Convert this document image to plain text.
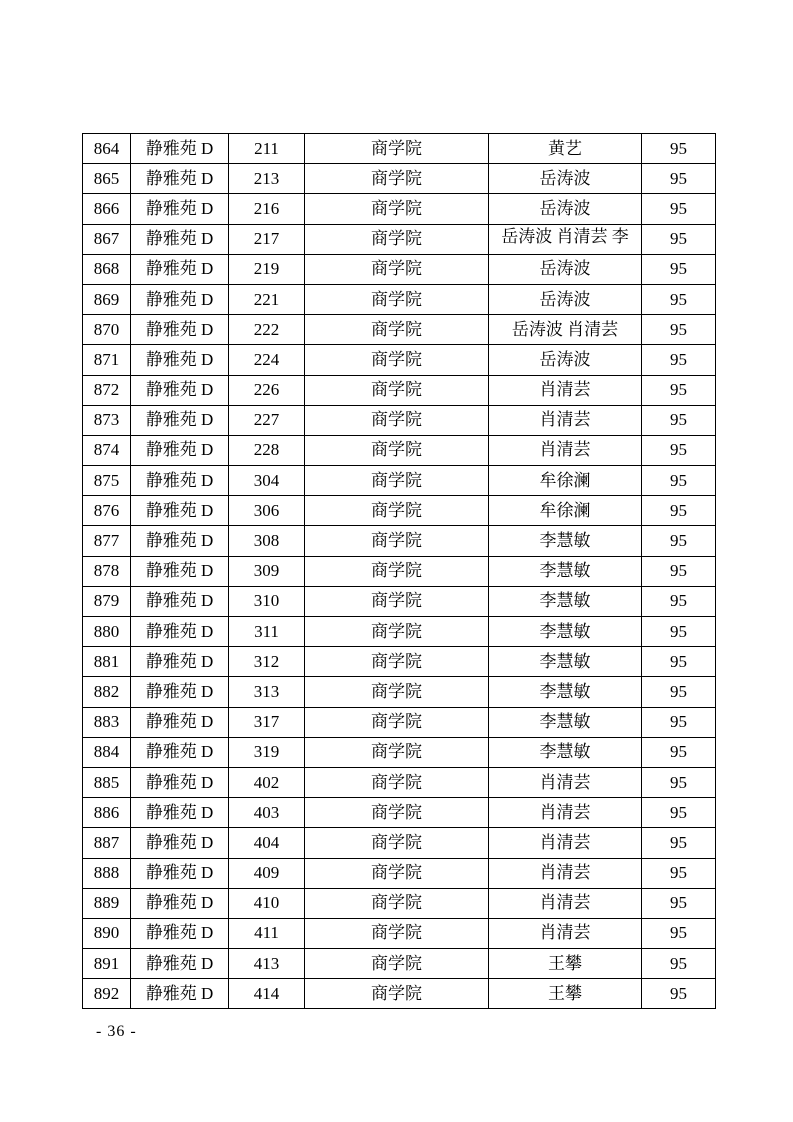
864	静雅苑 D	211	商学院	黄艺	95
865	静雅苑 D	213	商学院	岳涛波	95
866	静雅苑 D	216	商学院	岳涛波	95
867	静雅苑 D	217	商学院	岳涛波 肖清芸 李	95
868	静雅苑 D	219	商学院	岳涛波	95
869	静雅苑 D	221	商学院	岳涛波	95
870	静雅苑 D	222	商学院	岳涛波 肖清芸	95
871	静雅苑 D	224	商学院	岳涛波	95
872	静雅苑 D	226	商学院	肖清芸	95
873	静雅苑 D	227	商学院	肖清芸	95
874	静雅苑 D	228	商学院	肖清芸	95
875	静雅苑 D	304	商学院	牟徐澜	95
876	静雅苑 D	306	商学院	牟徐澜	95
877	静雅苑 D	308	商学院	李慧敏	95
878	静雅苑 D	309	商学院	李慧敏	95
879	静雅苑 D	310	商学院	李慧敏	95
880	静雅苑 D	311	商学院	李慧敏	95
881	静雅苑 D	312	商学院	李慧敏	95
882	静雅苑 D	313	商学院	李慧敏	95
883	静雅苑 D	317	商学院	李慧敏	95
884	静雅苑 D	319	商学院	李慧敏	95
885	静雅苑 D	402	商学院	肖清芸	95
886	静雅苑 D	403	商学院	肖清芸	95
887	静雅苑 D	404	商学院	肖清芸	95
888	静雅苑 D	409	商学院	肖清芸	95
889	静雅苑 D	410	商学院	肖清芸	95
890	静雅苑 D	411	商学院	肖清芸	95
891	静雅苑 D	413	商学院	王攀	95
892	静雅苑 D	414	商学院	王攀	95
- 36 -
